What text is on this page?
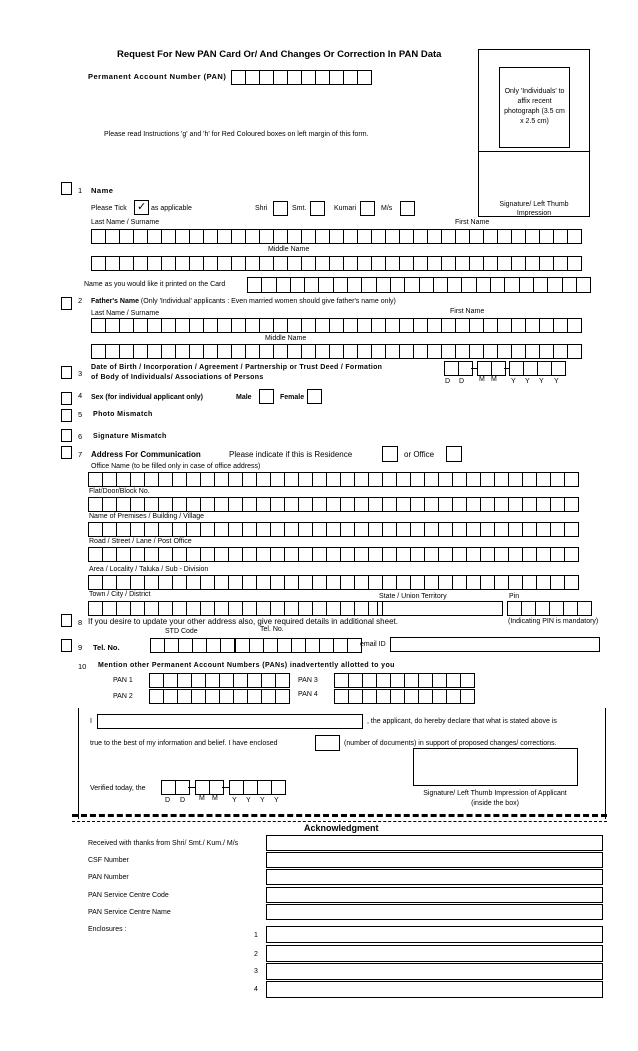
Request For New PAN Card Or/ And Changes Or Correction In PAN Data
Permanent Account Number (PAN)
Only 'Individuals' to affix recent photograph (3.5 cm x 2.5 cm)
Signature/ Left Thumb Impression
Please read Instructions 'g' and 'h' for Red Coloured boxes on left margin of this form.
1 Name
Please Tick ✓ as applicable	Shri	Smt.	Kumari	M/s
Last Name / Surname	First Name
Middle Name
Name as you would like it printed on the Card
2 Father's Name (Only 'Individual' applicants : Even married women should give father's name only)
Last Name / Surname	First Name
Middle Name
3
Date of Birth / Incorporation / Agreement / Partnership or Trust Deed / Formation
of Body of Individuals/ Associations of Persons
D D M M Y Y Y Y
4 Sex (for individual applicant only)	Male	Female
5 Photo Mismatch
6 Signature Mismatch
7 Address For Communication	Please indicate if this is Residence	or Office
Office Name (to be filled only in case of office address)
Flat/Door/Block No.
Name of Premises / Building / Village
Road / Street / Lane / Post Office
Area / Locality / Taluka / Sub - Division
Town / City / District	State / Union Territory	Pin
8 If you desire to update your other address also, give required details in additional sheet.	(Indicating PIN is mandatory)
STD Code	Tel. No.
9 Tel. No.	email ID
10 Mention other Permanent Account Numbers (PANs) inadvertently allotted to you
PAN 1	PAN 3
PAN 2	PAN 4
I	, the applicant, do hereby declare that what is stated above is
true to the best of my information and belief. I have enclosed	(number of documents) in support of proposed changes/ corrections.
Verified today, the
D D M M Y Y Y Y
Signature/ Left Thumb Impression of Applicant (inside the box)
Acknowledgment
Received with thanks from Shri/ Smt./ Kum./ M/s
CSF Number
PAN Number
PAN Service Centre Code
PAN Service Centre Name
Enclosures :
1
2
3
4
